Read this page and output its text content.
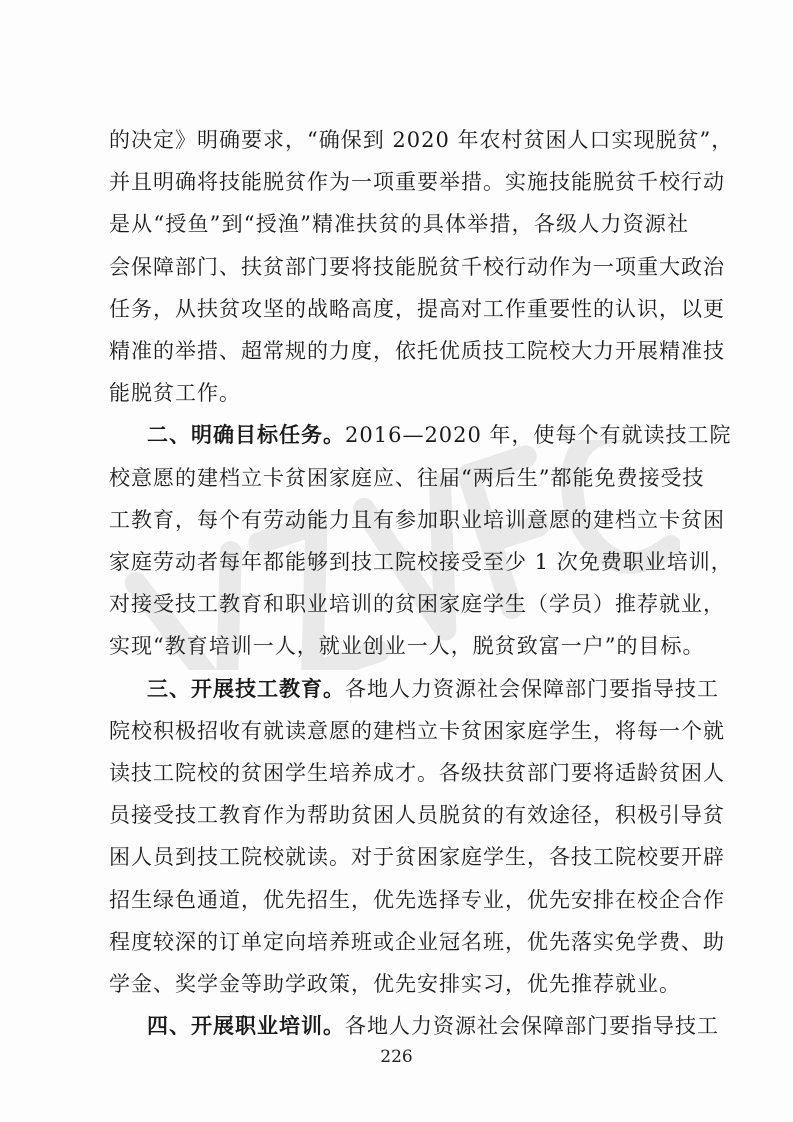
的决定》明确要求，“确保到 2020 年农村贫困人口实现脱贫”，
并且明确将技能脱贫作为一项重要举措。实施技能脱贫千校行动
是从“授鱼”到“授渔”精准扶贫的具体举措，各级人力资源社
会保障部门、扶贫部门要将技能脱贫千校行动作为一项重大政治
任务，从扶贫攻坚的战略高度，提高对工作重要性的认识，以更
精准的举措、超常规的力度，依托优质技工院校大力开展精准技
能脱贫工作。
二、明确目标任务。2016—2020 年，使每个有就读技工院
校意愿的建档立卡贫困家庭应、往届“两后生”都能免费接受技
工教育，每个有劳动能力且有参加职业培训意愿的建档立卡贫困
家庭劳动者每年都能够到技工院校接受至少 1 次免费职业培训，
对接受技工教育和职业培训的贫困家庭学生（学员）推荐就业，
实现“教育培训一人，就业创业一人，脱贫致富一户”的目标。
三、开展技工教育。各地人力资源社会保障部门要指导技工
院校积极招收有就读意愿的建档立卡贫困家庭学生，将每一个就
读技工院校的贫困学生培养成才。各级扶贫部门要将适龄贫困人
员接受技工教育作为帮助贫困人员脱贫的有效途径，积极引导贫
困人员到技工院校就读。对于贫困家庭学生，各技工院校要开辟
招生绿色通道，优先招生，优先选择专业，优先安排在校企合作
程度较深的订单定向培养班或企业冠名班，优先落实免学费、助
学金、奖学金等助学政策，优先安排实习，优先推荐就业。
四、开展职业培训。各地人力资源社会保障部门要指导技工
226
